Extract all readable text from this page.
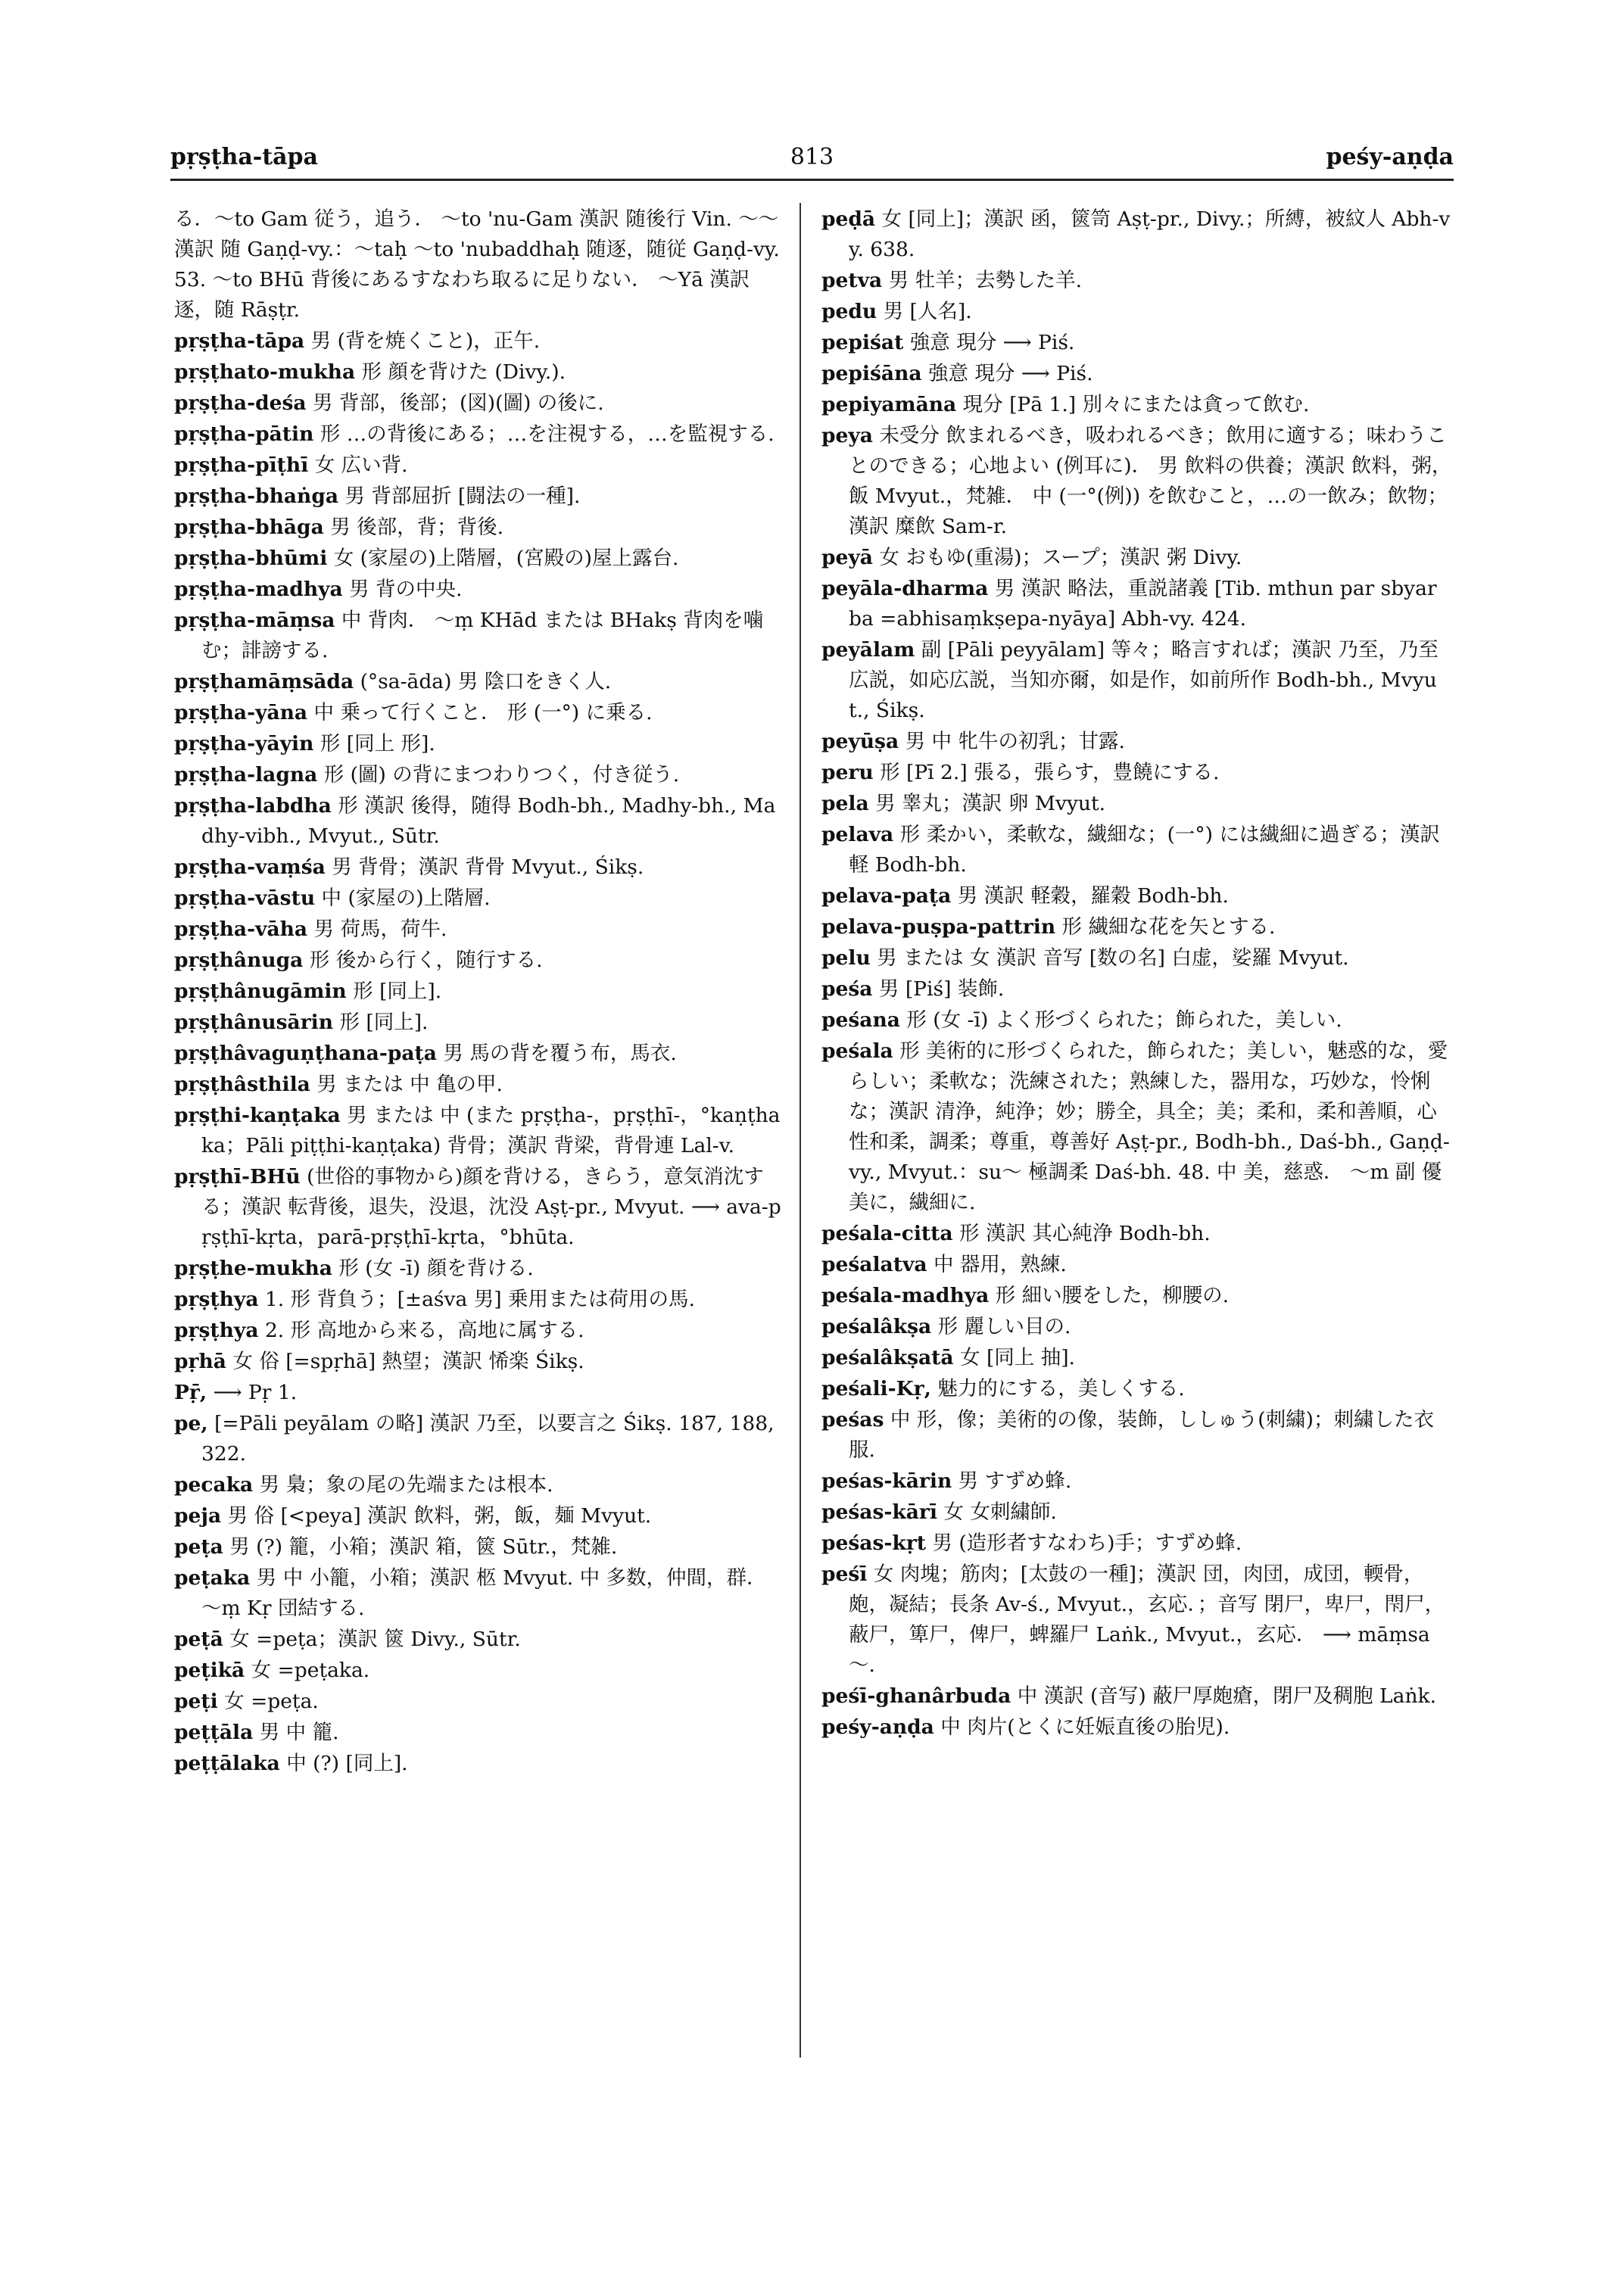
pṛṣṭha-tāpa	813	peśy-aṇḍa
る．～to Gam 従う，追う． ～to 'nu-Gam 漢訳 随後行 Vin. ～～ 漢訳 随 Gaṇḍ-vy.：～taḥ ～to 'nubaddhaḥ 随逐，随従 Gaṇḍ-vy. 53. ～to BHū 背後にあるすなわち取るに足りない． ～Yā 漢訳 逐，随 Rāṣṭr.
pṛṣṭha-tāpa 男 (背を焼くこと)，正午.
pṛṣṭhato-mukha 形 顔を背けた (Divy.).
pṛṣṭha-deśa 男 背部，後部；(図)(圖) の後に.
pṛṣṭha-pātin 形 …の背後にある；…を注視する，…を監視する.
pṛṣṭha-pīṭhī 女 広い背.
pṛṣṭha-bhaṅga 男 背部屈折 [闘法の一種].
pṛṣṭha-bhāga 男 後部，背；背後.
pṛṣṭha-bhūmi 女 (家屋の)上階層，(宮殿の)屋上露台.
pṛṣṭha-madhya 男 背の中央.
pṛṣṭha-māṃsa 中 背肉． ～ṃ KHād または BHakṣ 背肉を噛む；誹謗する.
pṛṣṭhamāṃsāda (°sa-āda) 男 陰口をきく人.
pṛṣṭha-yāna 中 乗って行くこと． 形 (一°) に乗る.
pṛṣṭha-yāyin 形 [同上 形].
pṛṣṭha-lagna 形 (圖) の背にまつわりつく，付き従う.
pṛṣṭha-labdha 形 漢訳 後得，随得 Bodh-bh., Madhy-bh., Madhy-vibh., Mvyut., Sūtr.
pṛṣṭha-vaṃśa 男 背骨；漢訳 背骨 Mvyut., Śikṣ.
pṛṣṭha-vāstu 中 (家屋の)上階層.
pṛṣṭha-vāha 男 荷馬，荷牛.
pṛṣṭhânuga 形 後から行く，随行する.
pṛṣṭhânugāmin 形 [同上].
pṛṣṭhânusārin 形 [同上].
pṛṣṭhâvaguṇṭhana-paṭa 男 馬の背を覆う布，馬衣.
pṛṣṭhâsthila 男 または 中 亀の甲.
pṛṣṭhi-kaṇṭaka 男 または 中 (また pṛṣṭha-，pṛṣṭhī-，°kaṇṭhaka；Pāli piṭṭhi-kaṇṭaka) 背骨；漢訳 背梁，背骨連 Lal-v.
pṛṣṭhī-BHū (世俗的事物から)顔を背ける，きらう，意気消沈する；漢訳 転背後，退失，没退，沈没 Aṣṭ-pr., Mvyut. ⟶ ava-pṛṣṭhī-kṛta，parā-pṛṣṭhī-kṛta，°bhūta.
pṛṣṭhe-mukha 形 (女 -ī) 顔を背ける.
pṛṣṭhya 1. 形 背負う；[±aśva 男] 乗用または荷用の馬.
pṛṣṭhya 2. 形 高地から来る，高地に属する.
pṛhā 女 俗 [=spṛhā] 熱望；漢訳 悕楽 Śikṣ.
Pṝ, ⟶ Pṛ 1.
pe, [=Pāli peyālam の略] 漢訳 乃至，以要言之 Śikṣ. 187, 188, 322.
pecaka 男 梟；象の尾の先端または根本.
peja 男 俗 [<peya] 漢訳 飲料，粥，飯，麺 Mvyut.
peṭa 男 (?) 籠，小箱；漢訳 箱，篋 Sūtr.，梵雑.
peṭaka 男 中 小籠，小箱；漢訳 柩 Mvyut. 中 多数，仲間，群． ～ṃ Kṛ 団結する.
peṭā 女 =peṭa；漢訳 篋 Divy., Sūtr.
peṭikā 女 =peṭaka.
peṭi 女 =peṭa.
peṭṭāla 男 中 籠.
peṭṭālaka 中 (?) [同上].
peḍā 女 [同上]；漢訳 函，篋笥 Aṣṭ-pr., Divy.；所縛，被紋人 Abh-vy. 638.
petva 男 牡羊；去勢した羊.
pedu 男 [人名].
pepiśat 強意 現分 ⟶ Piś.
pepiśāna 強意 現分 ⟶ Piś.
pepiyamāna 現分 [Pā 1.] 別々にまたは貪って飲む.
peya 未受分 飲まれるべき，吸われるべき；飲用に適する；味わうことのできる；心地よい (例耳に)． 男 飲料の供養；漢訳 飲料，粥，飯 Mvyut.，梵雑． 中 (一°(例)) を飲むこと，…の一飲み；飲物；漢訳 糜飲 Sam-r.
peyā 女 おもゆ(重湯)；スープ；漢訳 粥 Divy.
peyāla-dharma 男 漢訳 略法，重説諸義 [Tib. mthun par sbyar ba =abhisaṃkṣepa-nyāya] Abh-vy. 424.
peyālam 副 [Pāli peyyālam] 等々；略言すれば；漢訳 乃至，乃至広説，如応広説，当知亦爾，如是作，如前所作 Bodh-bh., Mvyut., Śikṣ.
peyūṣa 男 中 牝牛の初乳；甘露.
peru 形 [Pī 2.] 張る，張らす，豊饒にする.
pela 男 睾丸；漢訳 卵 Mvyut.
pelava 形 柔かい，柔軟な，繊細な；(一°) には繊細に過ぎる；漢訳 軽 Bodh-bh.
pelava-paṭa 男 漢訳 軽穀，羅穀 Bodh-bh.
pelava-puṣpa-pattrin 形 繊細な花を矢とする.
pelu 男 または 女 漢訳 音写 [数の名] 白虚，娑羅 Mvyut.
peśa 男 [Piś] 装飾.
peśana 形 (女 -ī) よく形づくられた；飾られた，美しい.
peśala 形 美術的に形づくられた，飾られた；美しい，魅惑的な，愛らしい；柔軟な；洗練された；熟練した，器用な，巧妙な，怜悧な；漢訳 清浄，純浄；妙；勝全，具全；美；柔和，柔和善順，心性和柔，調柔；尊重，尊善好 Aṣṭ-pr., Bodh-bh., Daś-bh., Gaṇḍ-vy., Mvyut.：su～ 極調柔 Daś-bh. 48. 中 美，慈惑． ～m 副 優美に，繊細に.
peśala-citta 形 漢訳 其心純浄 Bodh-bh.
peśalatva 中 器用，熟練.
peśala-madhya 形 細い腰をした，柳腰の.
peśalâkṣa 形 麗しい目の.
peśalâkṣatā 女 [同上 抽].
peśali-Kṛ, 魅力的にする，美しくする.
peśas 中 形，像；美術的の像，装飾，ししゅう(刺繍)；刺繍した衣服.
peśas-kārin 男 すずめ蜂.
peśas-kārī 女 女刺繍師.
peśas-kṛt 男 (造形者すなわち)手；すずめ蜂.
peśī 女 肉塊；筋肉；[太鼓の一種]；漢訳 団，肉団，成団，輭骨，皰，凝結；長条 Av-ś., Mvyut.，玄応．；音写 閉尸，卑尸，閇尸，蔽尸，箄尸，俾尸，蜱羅尸 Laṅk., Mvyut.，玄応． ⟶ māṃsa～.
peśī-ghanârbuda 中 漢訳 (音写) 蔽尸厚皰瘡，閉尸及稠胞 Laṅk.
peśy-aṇḍa 中 肉片(とくに妊娠直後の胎児).
